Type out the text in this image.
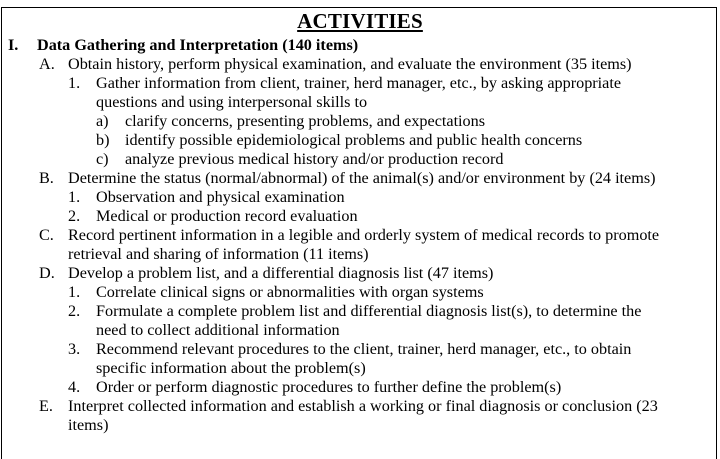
ACTIVITIES
I. Data Gathering and Interpretation (140 items)
A. Obtain history, perform physical examination, and evaluate the environment (35 items)
1. Gather information from client, trainer, herd manager, etc., by asking appropriate
questions and using interpersonal skills to
a) clarify concerns, presenting problems, and expectations
b) identify possible epidemiological problems and public health concerns
c) analyze previous medical history and/or production record
B. Determine the status (normal/abnormal) of the animal(s) and/or environment by (24 items)
1. Observation and physical examination
2. Medical or production record evaluation
C. Record pertinent information in a legible and orderly system of medical records to promote
retrieval and sharing of information (11 items)
D. Develop a problem list, and a differential diagnosis list (47 items)
1. Correlate clinical signs or abnormalities with organ systems
2. Formulate a complete problem list and differential diagnosis list(s), to determine the
need to collect additional information
3. Recommend relevant procedures to the client, trainer, herd manager, etc., to obtain
specific information about the problem(s)
4. Order or perform diagnostic procedures to further define the problem(s)
E. Interpret collected information and establish a working or final diagnosis or conclusion (23
items)
